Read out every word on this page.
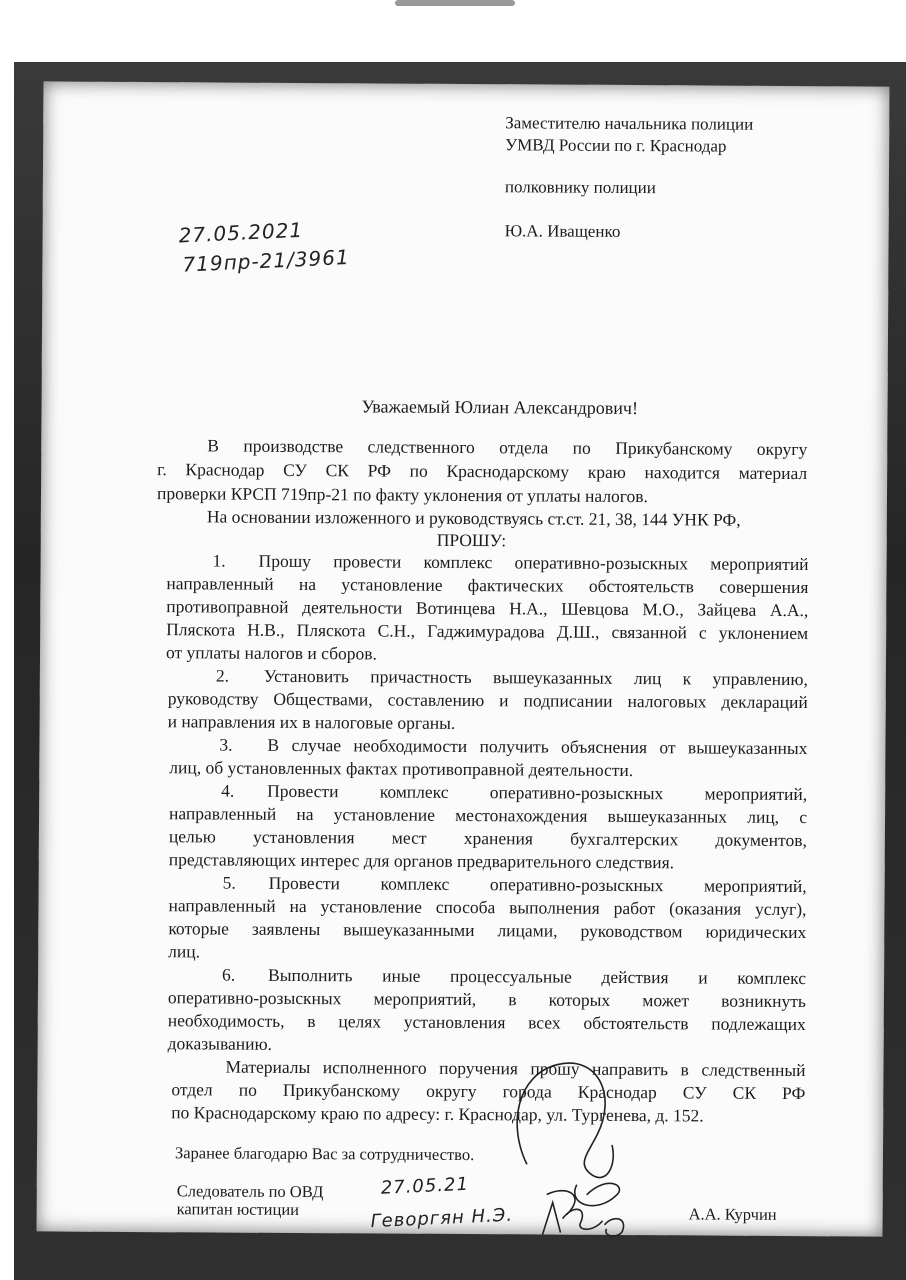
Заместителю начальника полиции
УМВД России по г. Краснодар
полковнику полиции
Ю.А. Иващенко
27.05.2021
719пр-21/3961
Уважаемый Юлиан Александрович!
В производстве следственного отдела по Прикубанскому округу
г. Краснодар СУ СК РФ по Краснодарскому краю находится материал
проверки КРСП 719пр-21 по факту уклонения от уплаты налогов.
На основании изложенного и руководствуясь ст.ст. 21, 38, 144 УНК РФ,
ПРОШУ:
1. Прошу провести комплекс оперативно-розыскных мероприятий
направленный на установление фактических обстоятельств совершения
противоправной деятельности Вотинцева Н.А., Шевцова М.О., Зайцева А.А.,
Пляскота Н.В., Пляскота С.Н., Гаджимурадова Д.Ш., связанной с уклонением
от уплаты налогов и сборов.
2. Установить причастность вышеуказанных лиц к управлению,
руководству Обществами, составлению и подписании налоговых деклараций
и направления их в налоговые органы.
3. В случае необходимости получить объяснения от вышеуказанных
лиц, об установленных фактах противоправной деятельности.
4. Провести комплекс оперативно-розыскных мероприятий,
направленный на установление местонахождения вышеуказанных лиц, с
целью установления мест хранения бухгалтерских документов,
представляющих интерес для органов предварительного следствия.
5. Провести комплекс оперативно-розыскных мероприятий,
направленный на установление способа выполнения работ (оказания услуг),
которые заявлены вышеуказанными лицами, руководством юридических
лиц.
6. Выполнить иные процессуальные действия и комплекс
оперативно-розыскных мероприятий, в которых может возникнуть
необходимость, в целях установления всех обстоятельств подлежащих
доказыванию.
Материалы исполненного поручения прошу направить в следственный
отдел по Прикубанскому округу города Краснодар СУ СК РФ
по Краснодарскому краю по адресу: г. Краснодар, ул. Тургенева, д. 152.
Заранее благодарю Вас за сотрудничество.
Следователь по ОВД
капитан юстиции	А.А. Курчин
27.05.21
Геворгян Н.Э.
